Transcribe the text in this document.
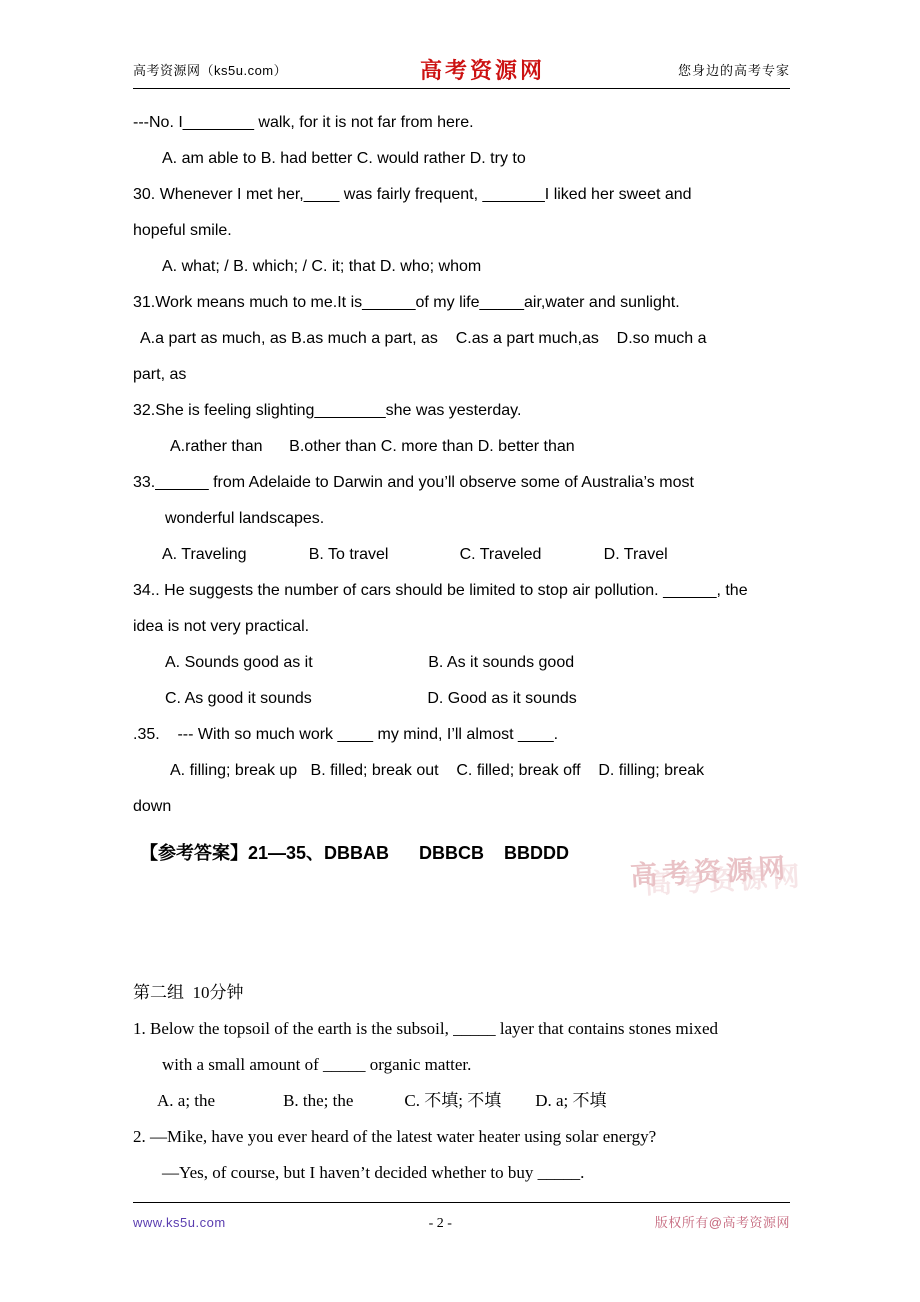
高考资源网（ks5u.com）	高考资源网	您身边的高考专家
---No. I________ walk, for it is not far from here.
A. am able to B. had better C. would rather D. try to
30. Whenever I met her,____ was fairly frequent, _______I liked her sweet and
hopeful smile.
A. what; / B. which; / C. it; that D. who; whom
31.Work means much to me.It is______of my life_____air,water and sunlight.
A.a part as much, as B.as much a part, as    C.as a part much,as    D.so much a
part, as
32.She is feeling slighting________she was yesterday.
A.rather than      B.other than C. more than D. better than
33.______ from Adelaide to Darwin and you’ll observe some of Australia’s most
wonderful landscapes.
A. Traveling              B. To travel                C. Traveled              D. Travel
34.. He suggests the number of cars should be limited to stop air pollution. ______, the
idea is not very practical.
A. Sounds good as it                          B. As it sounds good
C. As good it sounds                          D. Good as it sounds
.35.    --- With so much work ____ my mind, I’ll almost ____.
A. filling; break up   B. filled; break out    C. filled; break off    D. filling; break
down
【参考答案】21—35、DBBAB      DBBCB    BBDDD
第二组  10分钟
1. Below the topsoil of the earth is the subsoil, _____ layer that contains stones mixed
with a small amount of _____ organic matter.
A. a; the                B. the; the            C. 不填; 不填        D. a; 不填
2. —Mike, have you ever heard of the latest water heater using solar energy?
—Yes, of course, but I haven’t decided whether to buy _____.
高考资源网
www.ks5u.com	- 2 -	版权所有@高考资源网
